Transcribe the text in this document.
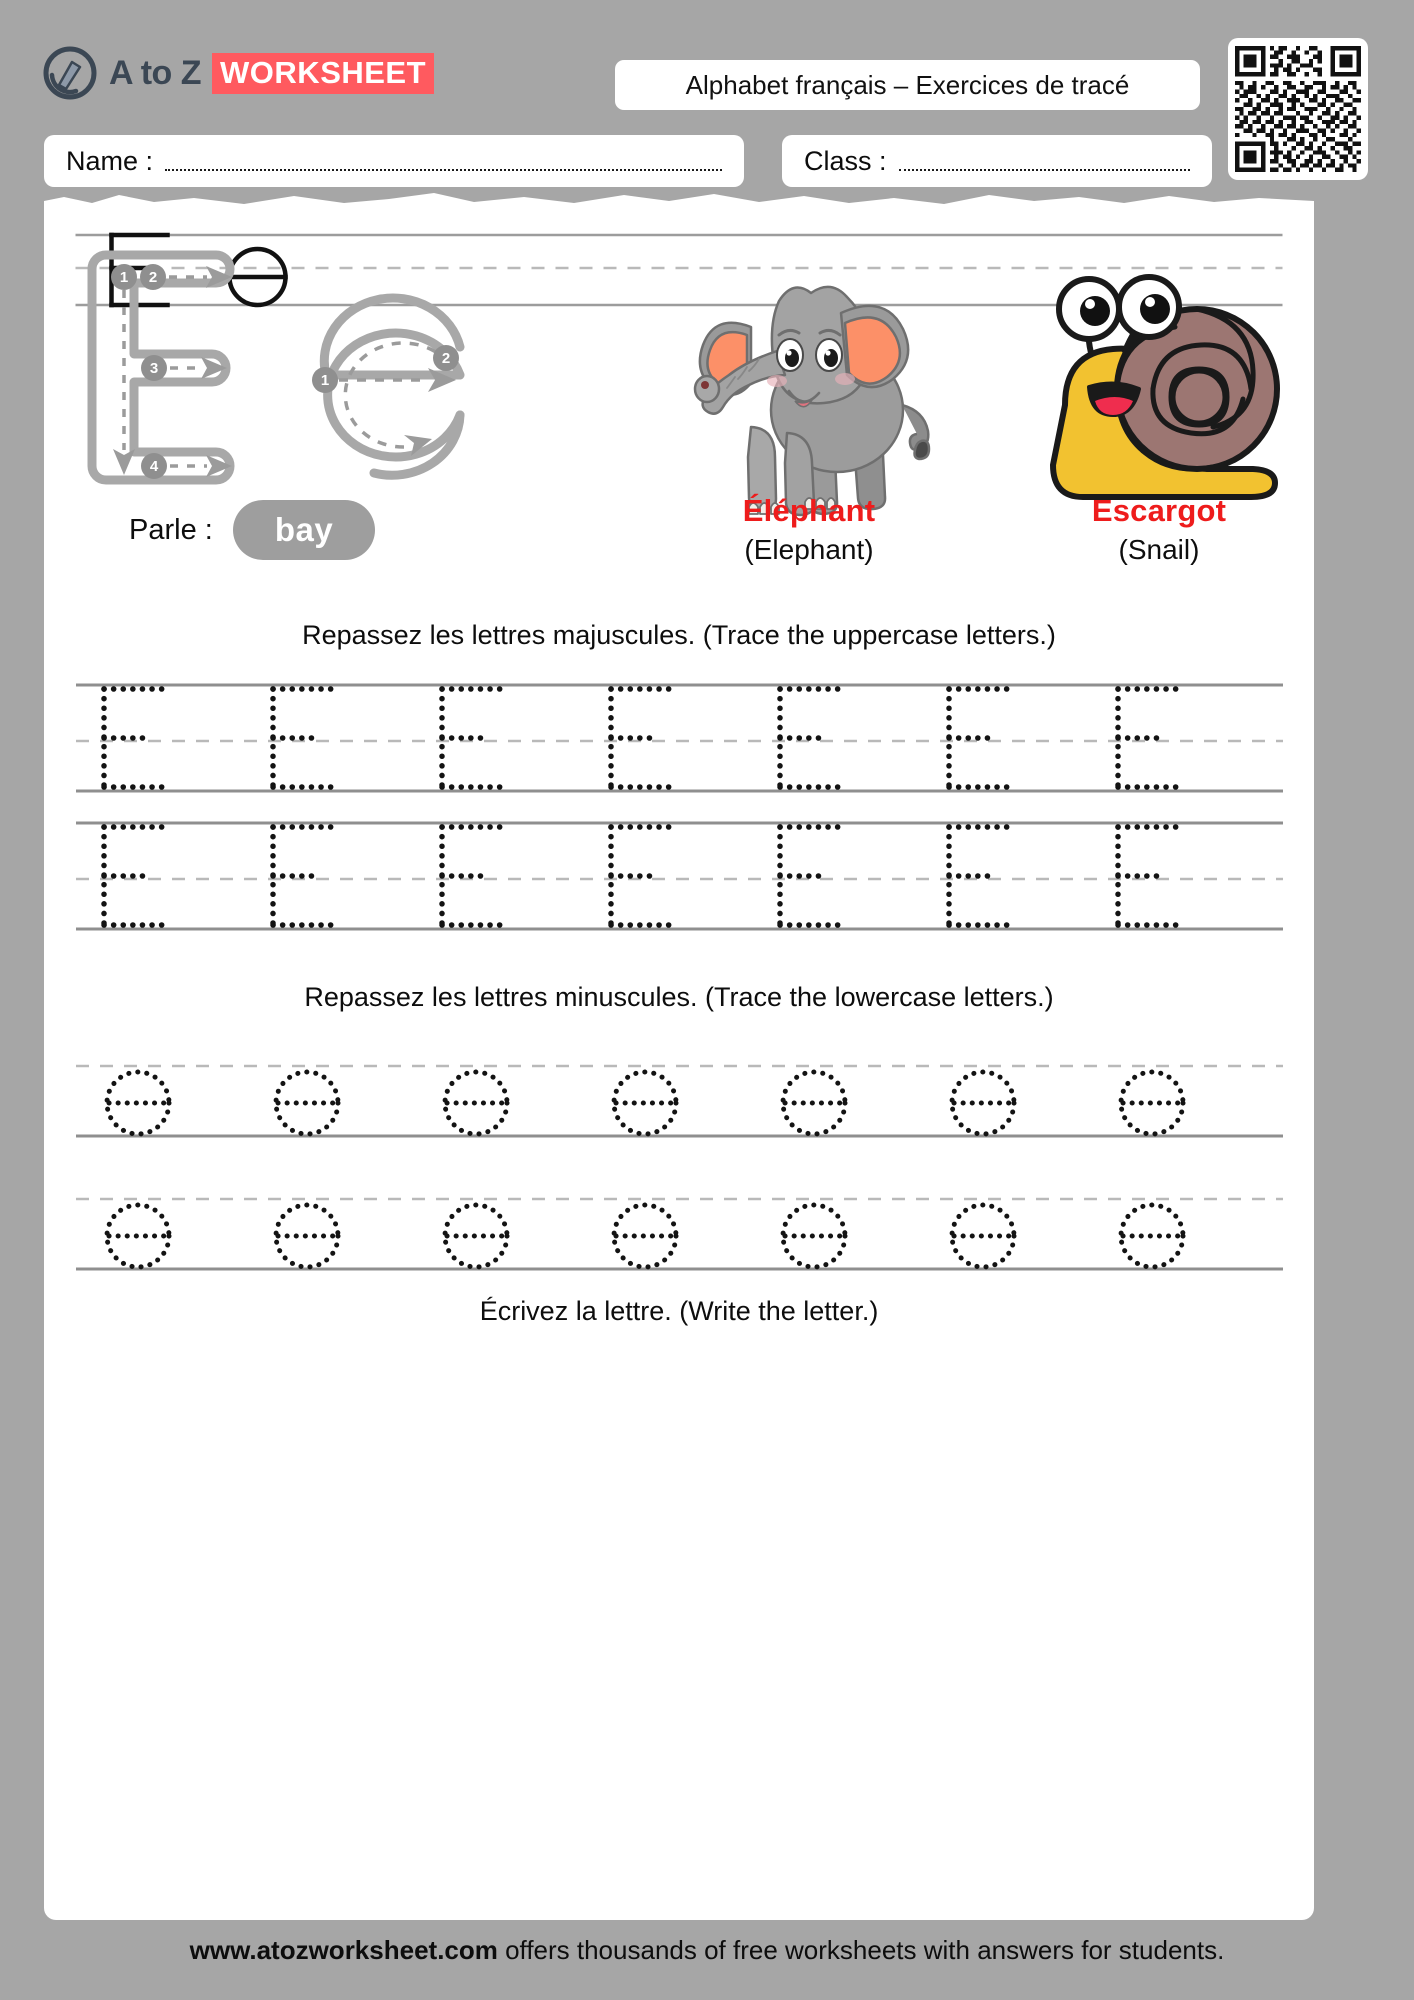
A to Z WORKSHEET	Alphabet français – Exercices de tracé
Name :	Class :
1 2
3
4
1
2
Parle :	bay
Éléphant
(Elephant)
Escargot
(Snail)
Repassez les lettres majuscules. (Trace the uppercase letters.)
Repassez les lettres minuscules. (Trace the lowercase letters.)
Écrivez la lettre. (Write the letter.)
www.atozworksheet.com offers thousands of free worksheets with answers for students.
